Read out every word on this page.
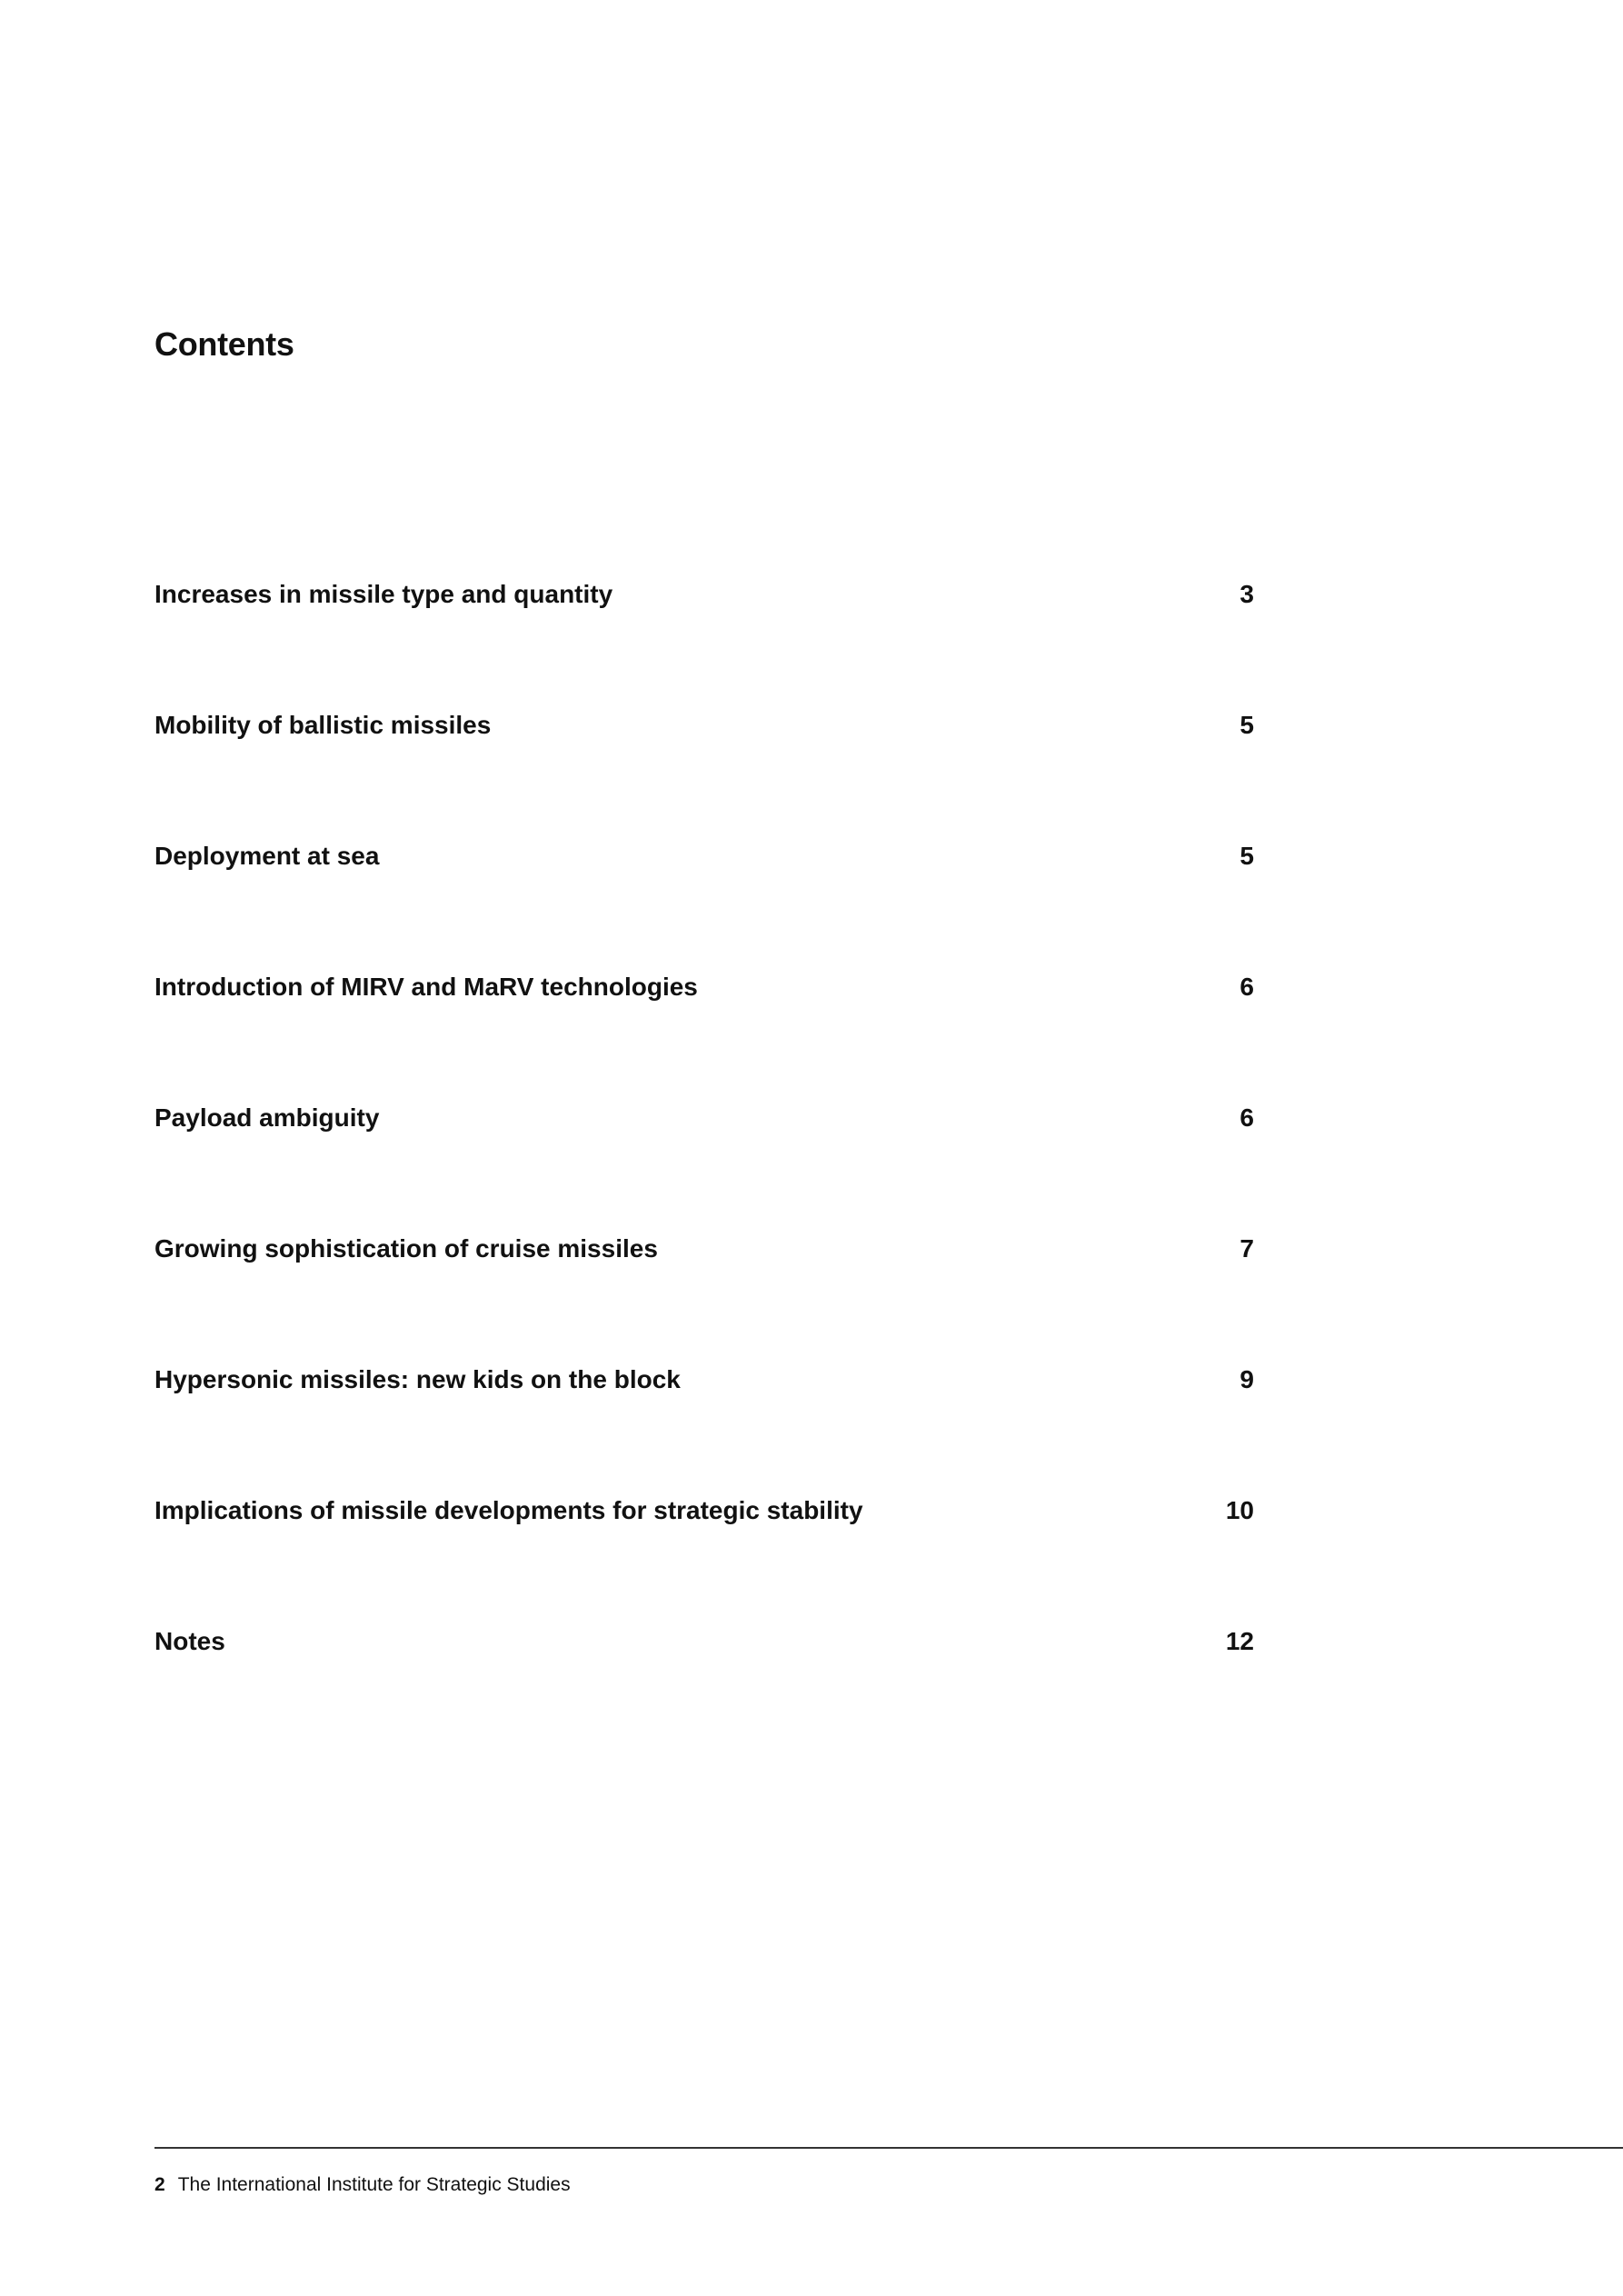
Contents
Increases in missile type and quantity	3
Mobility of ballistic missiles	5
Deployment at sea	5
Introduction of MIRV and MaRV technologies	6
Payload ambiguity	6
Growing sophistication of cruise missiles	7
Hypersonic missiles: new kids on the block	9
Implications of missile developments for strategic stability	10
Notes	12
2 The International Institute for Strategic Studies
